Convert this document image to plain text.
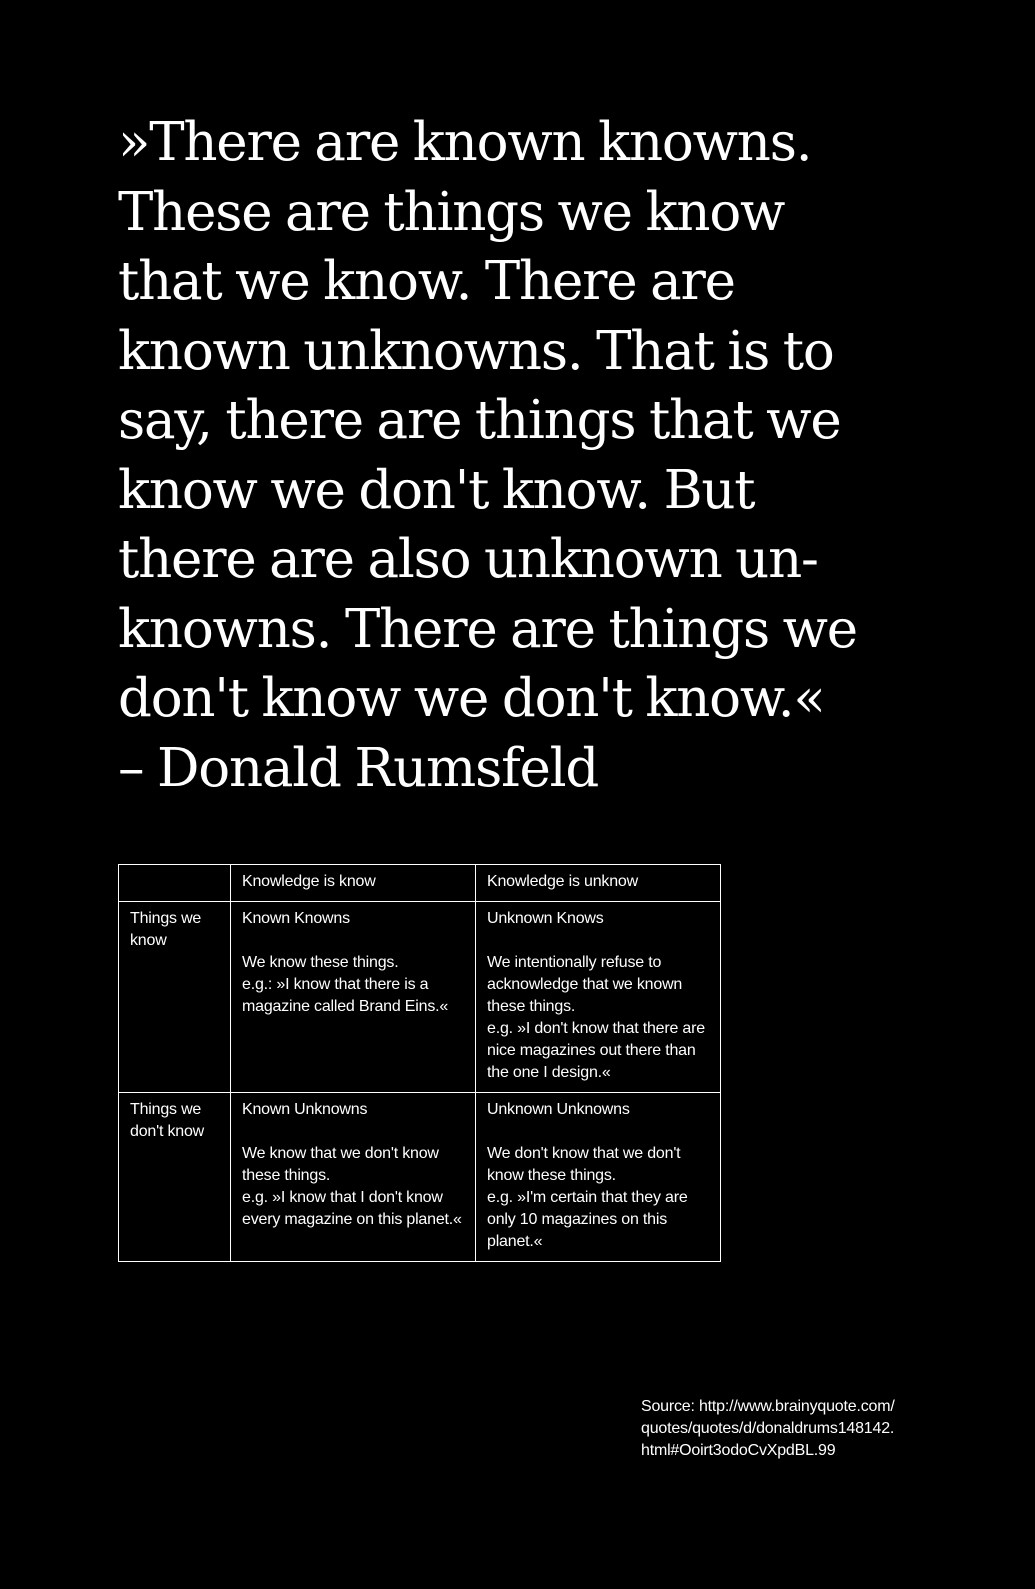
»There are known knowns.
These are things we know
that we know. There are
known unknowns. That is to
say, there are things that we
know we don't know. But
there are also unknown un-
knowns. There are things we
don't know we don't know.«
– Donald Rumsfeld
	Knowledge is know	Knowledge is unknow
Things we know	Known Knowns
We know these things.
e.g.: »I know that there is a magazine called Brand Eins.«	Unknown Knows
We intentionally refuse to acknowledge that we known these things.
e.g. »I don't know that there are nice magazines out there than the one I design.«

Things we don't know	Known Unknowns
We know that we don't know these things.
e.g. »I know that I don't know every magazine on this planet.«	Unknown Unknowns
We don't know that we don't know these things.
e.g. »I'm certain that they are only 10 magazines on this planet.«
Source: http://www.brainyquote.com/
quotes/quotes/d/donaldrums148142.
html#Ooirt3odoCvXpdBL.99
